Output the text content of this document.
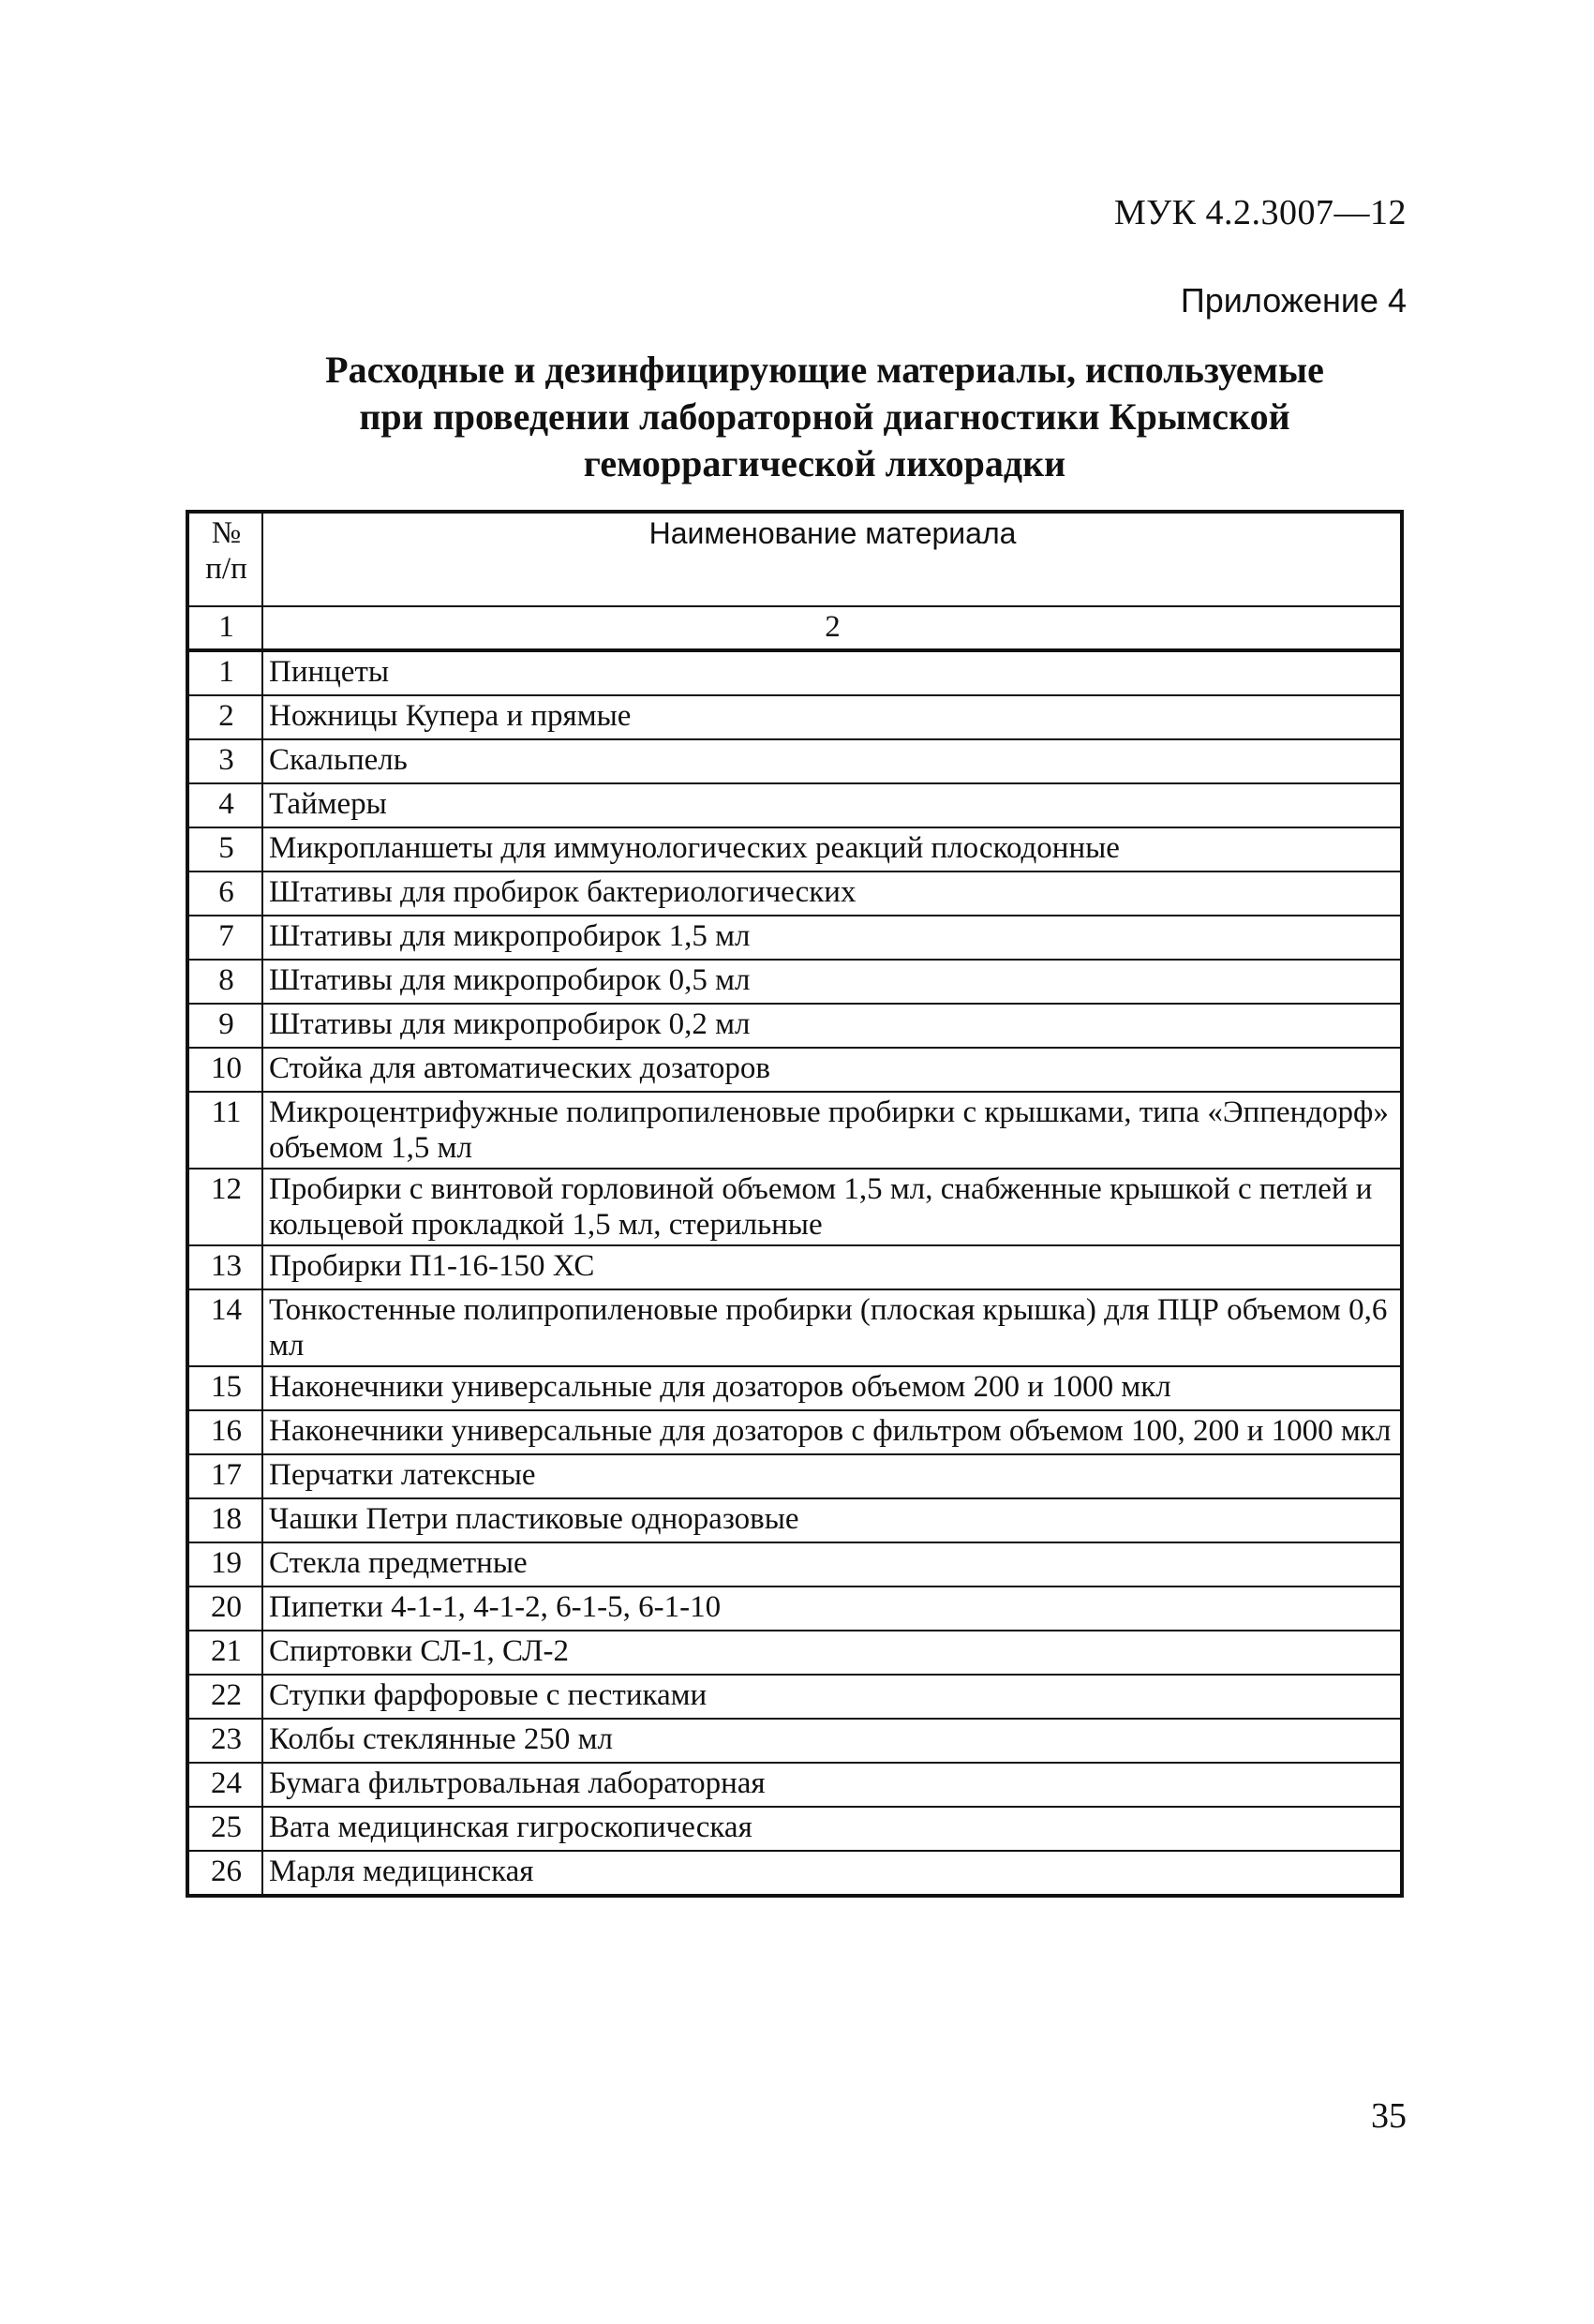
МУК 4.2.3007—12
Приложение 4
Расходные и дезинфицирующие материалы, используемые
при проведении лабораторной диагностики Крымской
геморрагической лихорадки
№
п/п	Наименование материала
1	2
1	Пинцеты
2	Ножницы Купера и прямые
3	Скальпель
4	Таймеры
5	Микропланшеты для иммунологических реакций плоскодонные
6	Штативы для пробирок бактериологических
7	Штативы для микропробирок 1,5 мл
8	Штативы для микропробирок 0,5 мл
9	Штативы для микропробирок 0,2 мл
10	Стойка для автоматических дозаторов
11	Микроцентрифужные полипропиленовые пробирки с крышками, типа «Эппендорф» объемом 1,5 мл
12	Пробирки с винтовой горловиной объемом 1,5 мл, снабженные крышкой с петлей и кольцевой прокладкой 1,5 мл, стерильные
13	Пробирки П1-16-150 ХС
14	Тонкостенные полипропиленовые пробирки (плоская крышка) для ПЦР объемом 0,6 мл
15	Наконечники универсальные для дозаторов объемом 200 и 1000 мкл
16	Наконечники универсальные для дозаторов с фильтром объемом 100, 200 и 1000 мкл
17	Перчатки латексные
18	Чашки Петри пластиковые одноразовые
19	Стекла предметные
20	Пипетки 4-1-1, 4-1-2, 6-1-5, 6-1-10
21	Спиртовки СЛ-1, СЛ-2
22	Ступки фарфоровые с пестиками
23	Колбы стеклянные 250 мл
24	Бумага фильтровальная лабораторная
25	Вата медицинская гигроскопическая
26	Марля медицинская
35
